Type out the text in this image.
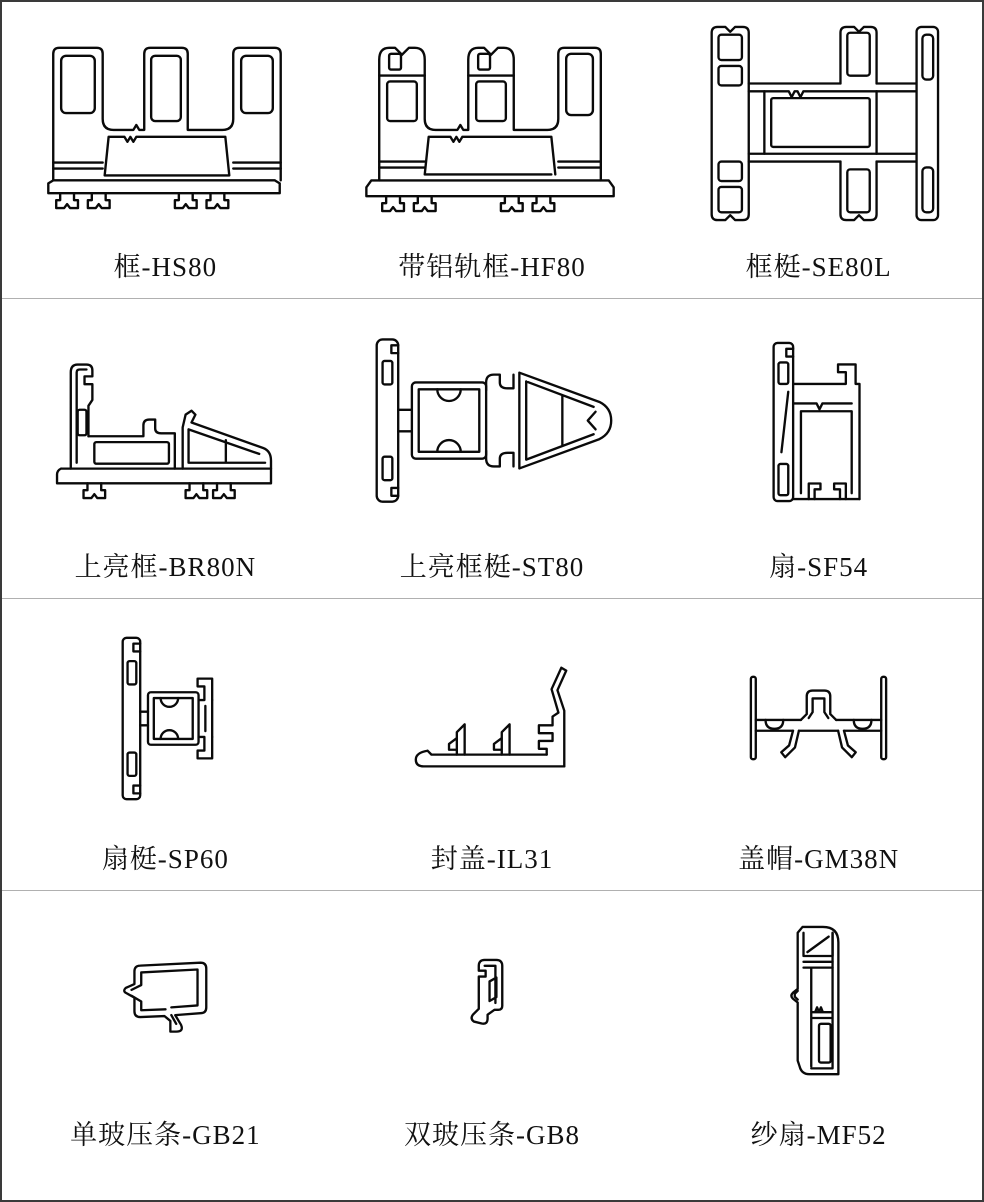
框-HS80	带铝轨框-HF80	框梃-SE80L
上亮框-BR80N	上亮框梃-ST80	扇-SF54
扇梃-SP60	封盖-IL31	盖帽-GM38N
单玻压条-GB21	双玻压条-GB8	纱扇-MF52
